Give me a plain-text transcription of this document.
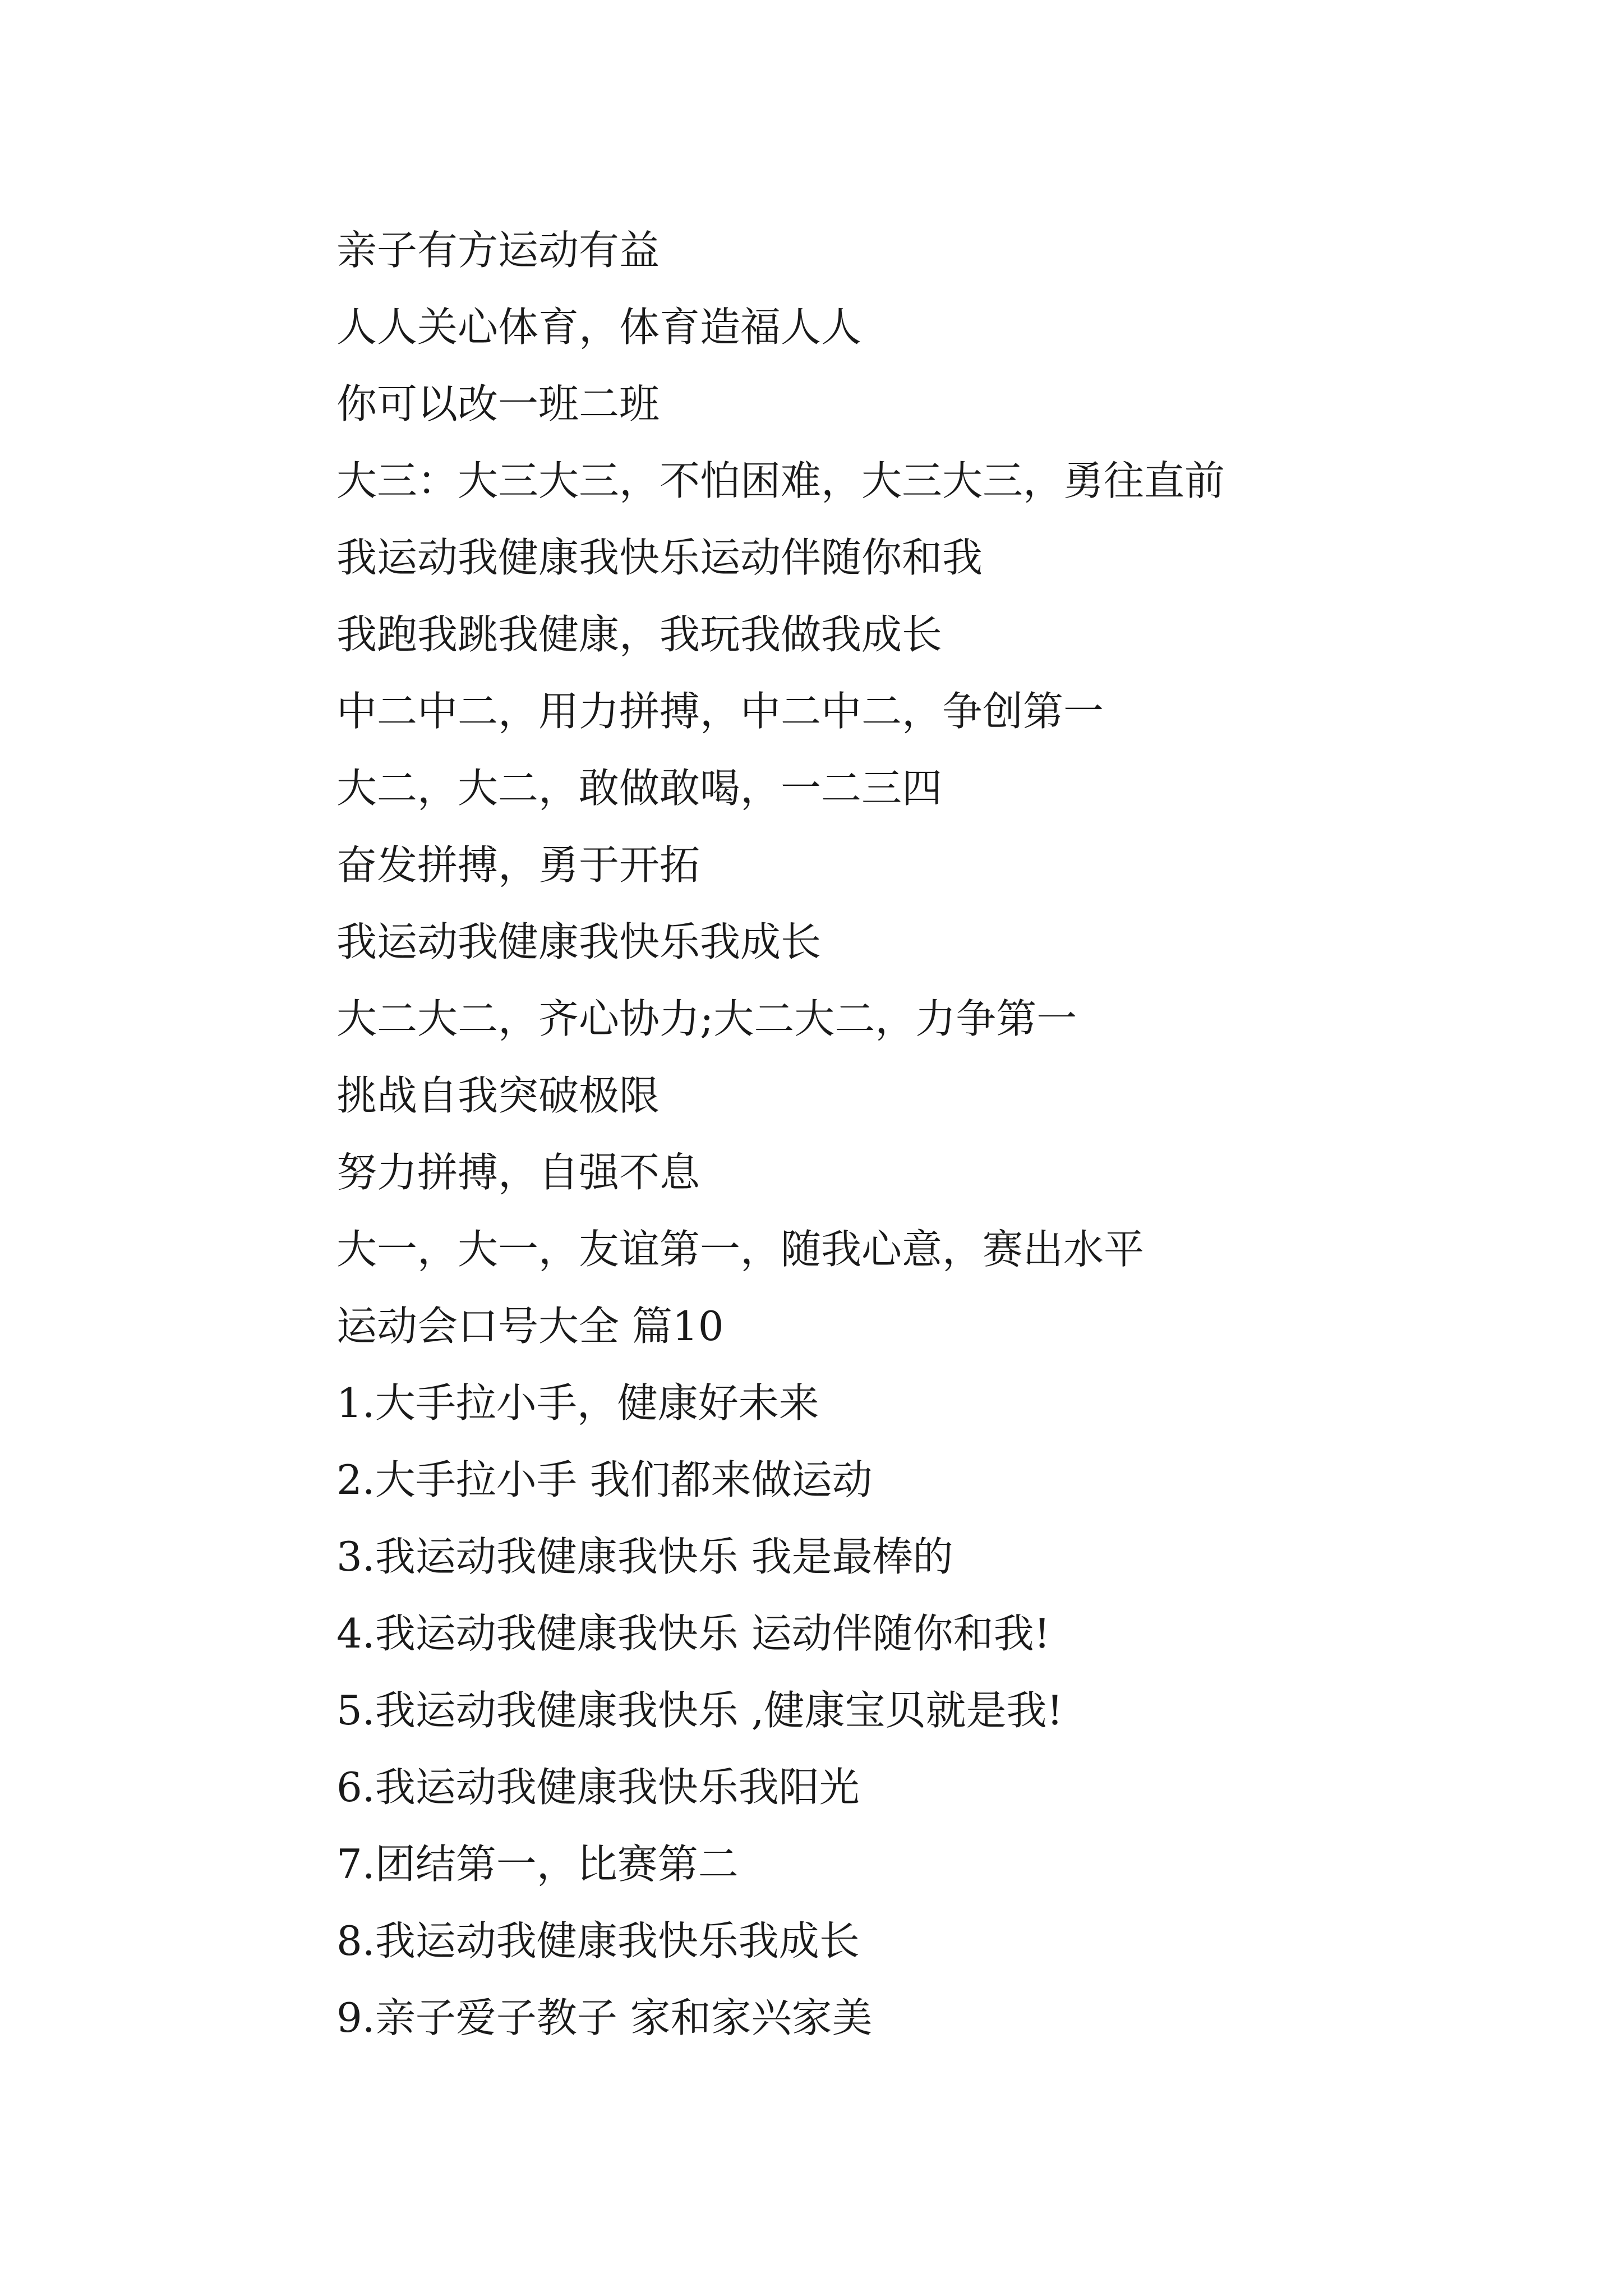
亲子有方运动有益

人人关心体育，体育造福人人

你可以改一班二班

大三：大三大三，不怕困难，大三大三，勇往直前

我运动我健康我快乐运动伴随你和我

我跑我跳我健康，我玩我做我成长

中二中二，用力拼搏，中二中二，争创第一

大二，大二，敢做敢喝，一二三四

奋发拼搏，勇于开拓

我运动我健康我快乐我成长

大二大二，齐心协力;大二大二，力争第一

挑战自我突破极限

努力拼搏，自强不息

大一，大一，友谊第一，随我心意，赛出水平

运动会口号大全 篇10

1.大手拉小手，健康好未来

2.大手拉小手 我们都来做运动

3.我运动我健康我快乐 我是最棒的

4.我运动我健康我快乐 运动伴随你和我!

5.我运动我健康我快乐 ,健康宝贝就是我!

6.我运动我健康我快乐我阳光

7.团结第一，比赛第二

8.我运动我健康我快乐我成长

9.亲子爱子教子 家和家兴家美
